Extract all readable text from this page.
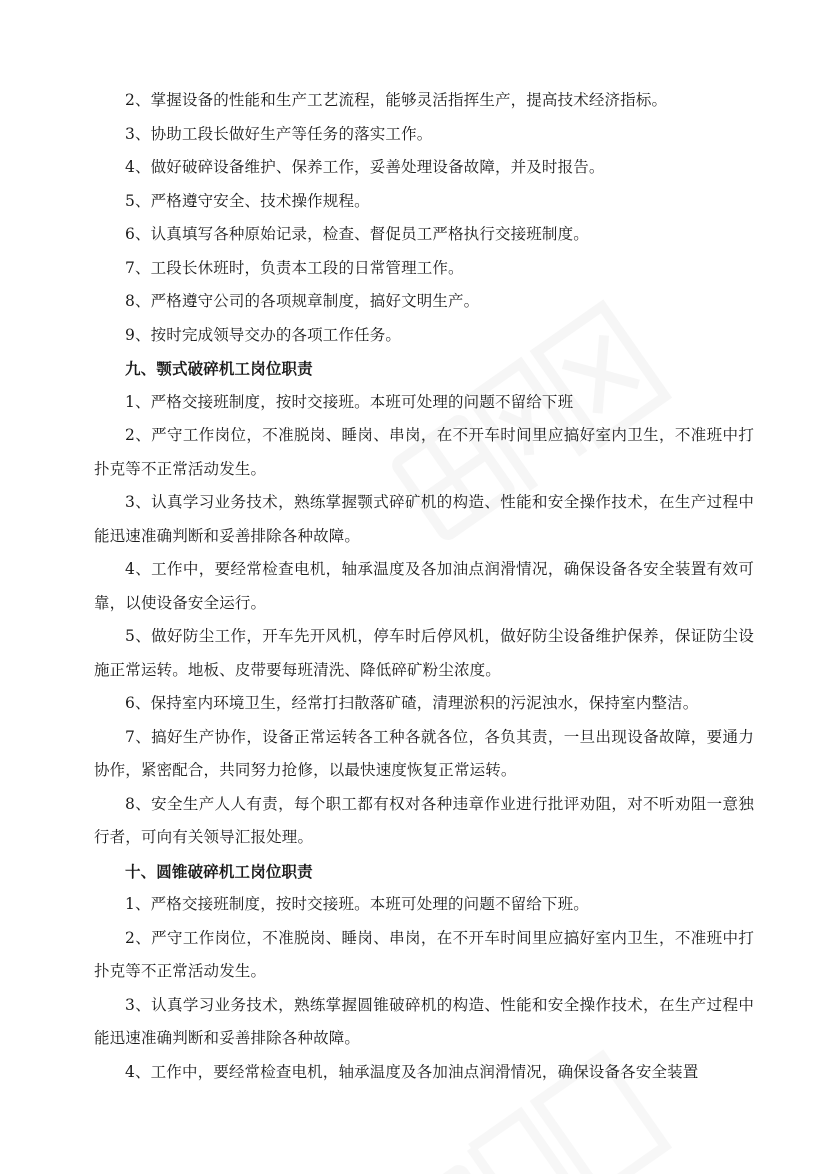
2、掌握设备的性能和生产工艺流程，能够灵活指挥生产，提高技术经济指标。

3、协助工段长做好生产等任务的落实工作。

4、做好破碎设备维护、保养工作，妥善处理设备故障，并及时报告。

5、严格遵守安全、技术操作规程。

6、认真填写各种原始记录，检查、督促员工严格执行交接班制度。

7、工段长休班时，负责本工段的日常管理工作。

8、严格遵守公司的各项规章制度，搞好文明生产。

9、按时完成领导交办的各项工作任务。

九、颚式破碎机工岗位职责

1、严格交接班制度，按时交接班。本班可处理的问题不留给下班

2、严守工作岗位，不准脱岗、睡岗、串岗，在不开车时间里应搞好室内卫生，不准班中打扑克等不正常活动发生。

3、认真学习业务技术，熟练掌握颚式碎矿机的构造、性能和安全操作技术，在生产过程中能迅速准确判断和妥善排除各种故障。

4、工作中，要经常检查电机，轴承温度及各加油点润滑情况，确保设备各安全装置有效可靠，以使设备安全运行。

5、做好防尘工作，开车先开风机，停车时后停风机，做好防尘设备维护保养，保证防尘设施正常运转。地板、皮带要每班清洗、降低碎矿粉尘浓度。

6、保持室内环境卫生，经常打扫散落矿碴，清理淤积的污泥浊水，保持室内整洁。

7、搞好生产协作，设备正常运转各工种各就各位，各负其责，一旦出现设备故障，要通力协作，紧密配合，共同努力抢修，以最快速度恢复正常运转。

8、安全生产人人有责，每个职工都有权对各种违章作业进行批评劝阻，对不听劝阻一意独行者，可向有关领导汇报处理。

十、圆锥破碎机工岗位职责

1、严格交接班制度，按时交接班。本班可处理的问题不留给下班。

2、严守工作岗位，不准脱岗、睡岗、串岗，在不开车时间里应搞好室内卫生，不准班中打扑克等不正常活动发生。

3、认真学习业务技术，熟练掌握圆锥破碎机的构造、性能和安全操作技术，在生产过程中能迅速准确判断和妥善排除各种故障。

4、工作中，要经常检查电机，轴承温度及各加油点润滑情况，确保设备各安全装置
